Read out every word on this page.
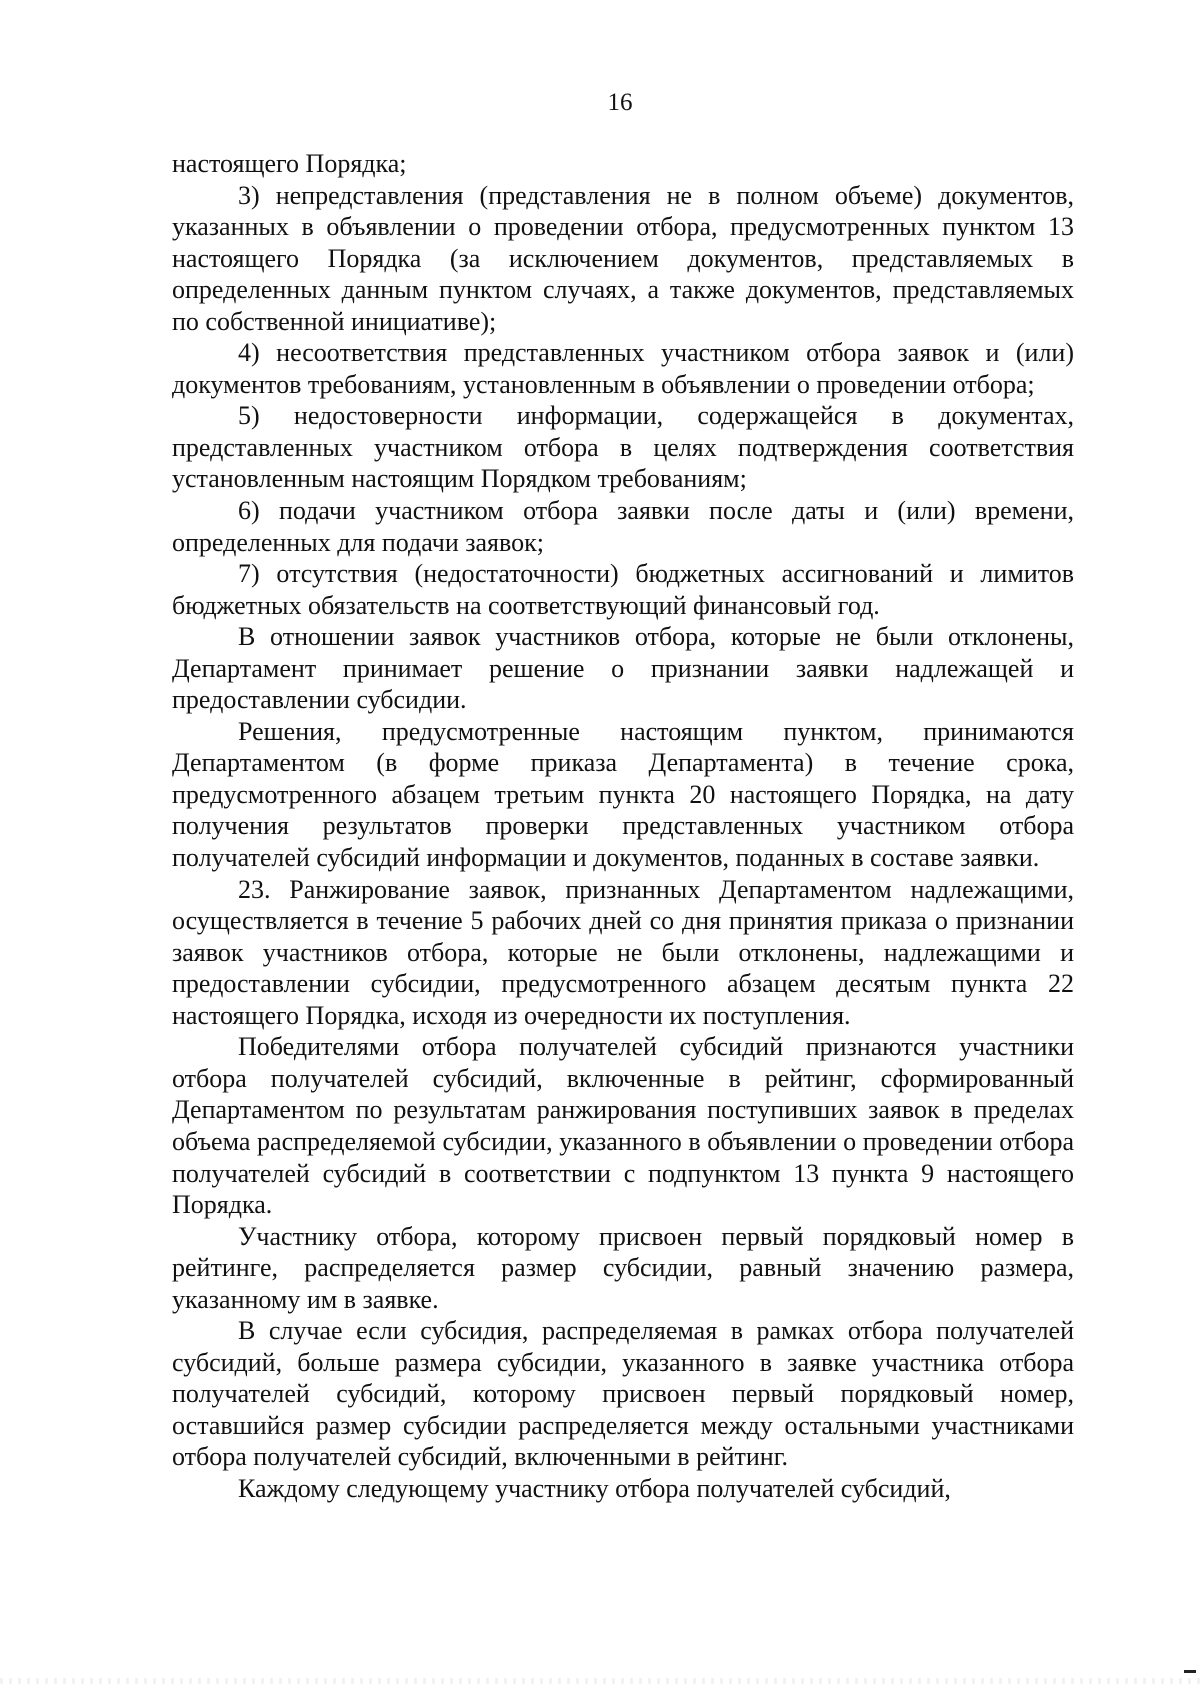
16

настоящего Порядка;

3) непредставления (представления не в полном объеме) документов, указанных в объявлении о проведении отбора, предусмотренных пунктом 13 настоящего Порядка (за исключением документов, представляемых в определенных данным пунктом случаях, а также документов, представляемых по собственной инициативе);

4) несоответствия представленных участником отбора заявок и (или) документов требованиям, установленным в объявлении о проведении отбора;

5) недостоверности информации, содержащейся в документах, представленных участником отбора в целях подтверждения соответствия установленным настоящим Порядком требованиям;

6) подачи участником отбора заявки после даты и (или) времени, определенных для подачи заявок;

7) отсутствия (недостаточности) бюджетных ассигнований и лимитов бюджетных обязательств на соответствующий финансовый год.

В отношении заявок участников отбора, которые не были отклонены, Департамент принимает решение о признании заявки надлежащей и предоставлении субсидии.

Решения, предусмотренные настоящим пунктом, принимаются Департаментом (в форме приказа Департамента) в течение срока, предусмотренного абзацем третьим пункта 20 настоящего Порядка, на дату получения результатов проверки представленных участником отбора получателей субсидий информации и документов, поданных в составе заявки.

23. Ранжирование заявок, признанных Департаментом надлежащими, осуществляется в течение 5 рабочих дней со дня принятия приказа о признании заявок участников отбора, которые не были отклонены, надлежащими и предоставлении субсидии, предусмотренного абзацем десятым пункта 22 настоящего Порядка, исходя из очередности их поступления.

Победителями отбора получателей субсидий признаются участники отбора получателей субсидий, включенные в рейтинг, сформированный Департаментом по результатам ранжирования поступивших заявок в пределах объема распределяемой субсидии, указанного в объявлении о проведении отбора получателей субсидий в соответствии с подпунктом 13 пункта 9 настоящего Порядка.

Участнику отбора, которому присвоен первый порядковый номер в рейтинге, распределяется размер субсидии, равный значению размера, указанному им в заявке.

В случае если субсидия, распределяемая в рамках отбора получателей субсидий, больше размера субсидии, указанного в заявке участника отбора получателей субсидий, которому присвоен первый порядковый номер, оставшийся размер субсидии распределяется между остальными участниками отбора получателей субсидий, включенными в рейтинг.

Каждому следующему участнику отбора получателей субсидий,
